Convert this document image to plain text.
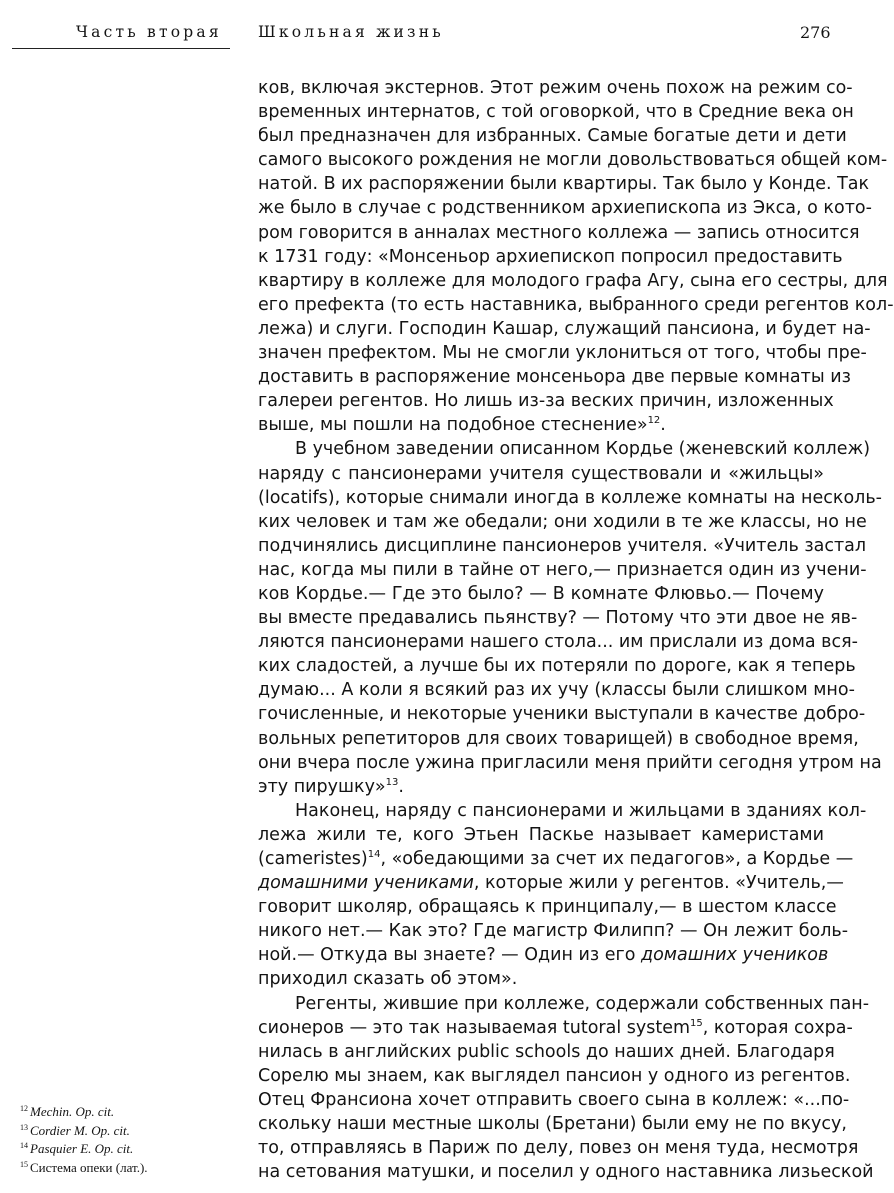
Часть вторая Школьная жизнь	276
ков, включая экстернов. Этот режим очень похож на режим со-
временных интернатов, с той оговоркой, что в Средние века он
был предназначен для избранных. Самые богатые дети и дети
самого высокого рождения не могли довольствоваться общей ком-
натой. В их распоряжении были квартиры. Так было у Конде. Так
же было в случае с родственником архиепископа из Экса, о кото-
ром говорится в анналах местного коллежа — запись относится
к 1731 году: «Монсеньор архиепископ попросил предоставить
квартиру в коллеже для молодого графа Агу, сына его сестры, для
его префекта (то есть наставника, выбранного среди регентов кол-
лежа) и слуги. Господин Кашар, служащий пансиона, и будет на-
значен префектом. Мы не смогли уклониться от того, чтобы пре-
доставить в распоряжение монсеньора две первые комнаты из
галереи регентов. Но лишь из-за веских причин, изложенных
выше, мы пошли на подобное стеснение»$^{12}$.
В учебном заведении описанном Кордье (женевский коллеж)
наряду с пансионерами учителя существовали и «жильцы»
(locatifs), которые снимали иногда в коллеже комнаты на несколь-
ких человек и там же обедали; они ходили в те же классы, но не
подчинялись дисциплине пансионеров учителя. «Учитель застал
нас, когда мы пили в тайне от него,— признается один из учени-
ков Кордье.— Где это было? — В комнате Флювьо.— Почему
вы вместе предавались пьянству? — Потому что эти двое не яв-
ляются пансионерами нашего стола... им прислали из дома вся-
ких сладостей, а лучше бы их потеряли по дороге, как я теперь
думаю... А коли я всякий раз их учу (классы были слишком мно-
гочисленные, и некоторые ученики выступали в качестве добро-
вольных репетиторов для своих товарищей) в свободное время,
они вчера после ужина пригласили меня прийти сегодня утром на
эту пирушку»$^{13}$.
Наконец, наряду с пансионерами и жильцами в зданиях кол-
лежа жили те, кого Этьен Паскье называет камеристами
(cameristes)$^{14}$, «обедающими за счет их педагогов», а Кордье —
домашними учениками, которые жили у регентов. «Учитель,—
говорит школяр, обращаясь к принципалу,— в шестом классе
никого нет.— Как это? Где магистр Филипп? — Он лежит боль-
ной.— Откуда вы знаете? — Один из его домашних учеников
приходил сказать об этом».
Регенты, жившие при коллеже, содержали собственных пан-
сионеров — это так называемая tutoral system$^{15}$, которая сохра-
нилась в английских public schools до наших дней. Благодаря
Сорелю мы знаем, как выглядел пансион у одного из регентов.
Отец Франсиона хочет отправить своего сына в коллеж: «...по-
скольку наши местные школы (Бретани) были ему не по вкусу,
то, отправляясь в Париж по делу, повез он меня туда, несмотря
на сетования матушки, и поселил у одного наставника лизьеской
$^{12}$ Mechin. Op. cit.
$^{13}$ Cordier M. Op. cit.
$^{14}$ Pasquier E. Op. cit.
$^{15}$ Система опеки (лат.).
